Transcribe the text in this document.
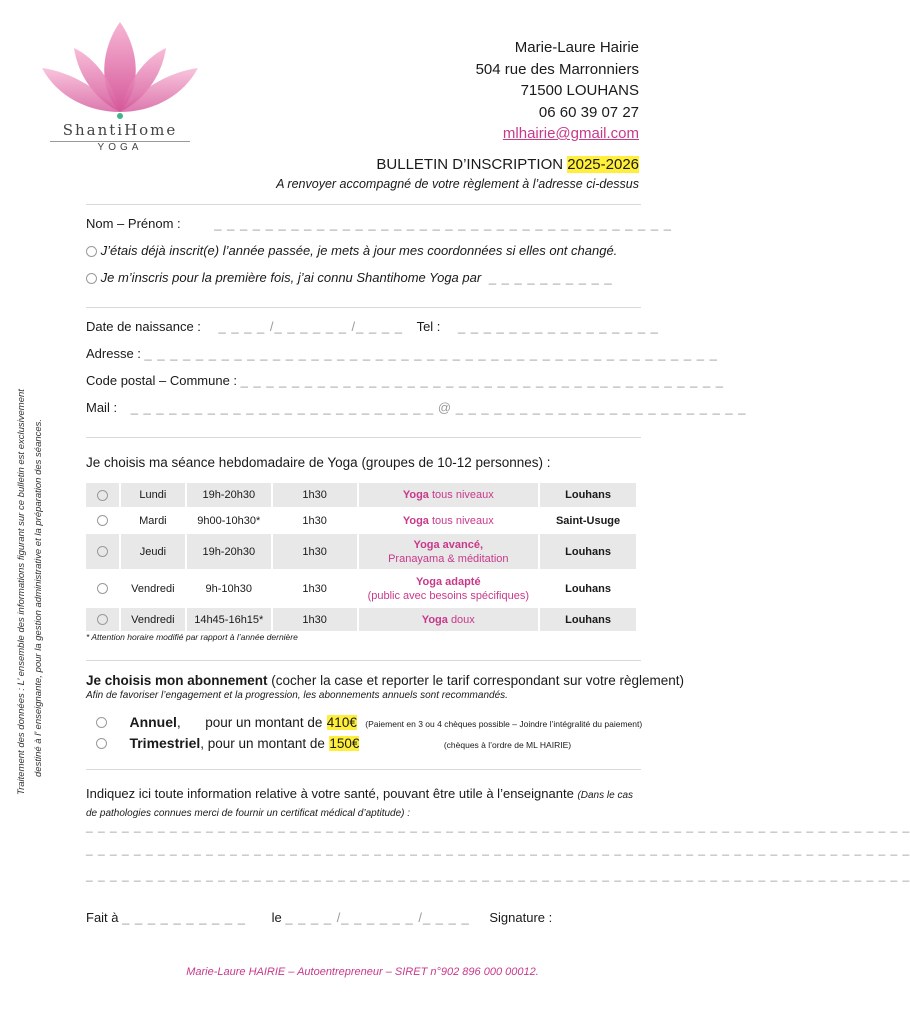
ShantiHome
YOGA
Marie-Laure Hairie
504 rue des Marronniers
71500 LOUHANS
06 60 39 07 27
mlhairie@gmail.com
BULLETIN D’INSCRIPTION 2025-2026
A renvoyer accompagné de votre règlement à l’adresse ci-dessus
Nom – Prénom :	_ _ _ _ _ _ _ _ _ _ _ _ _ _ _ _ _ _ _ _ _ _ _ _ _ _ _ _ _ _ _ _ _ _ _ _
J’étais déjà inscrit(e) l’année passée, je mets à jour mes coordonnées si elles ont changé.
Je m’inscris pour la première fois, j’ai connu Shantihome Yoga par _ _ _ _ _ _ _ _ _ _
Date de naissance : _ _ _ _ /_ _ _ _ _ _ /_ _ _ _ Tel : _ _ _ _ _ _ _ _ _ _ _ _ _ _ _ _
Adresse : _ _ _ _ _ _ _ _ _ _ _ _ _ _ _ _ _ _ _ _ _ _ _ _ _ _ _ _ _ _ _ _ _ _ _ _ _ _ _ _ _ _ _ _ _
Code postal – Commune : _ _ _ _ _ _ _ _ _ _ _ _ _ _ _ _ _ _ _ _ _ _ _ _ _ _ _ _ _ _ _ _ _ _ _ _ _ _
Mail : _ _ _ _ _ _ _ _ _ _ _ _ _ _ _ _ _ _ _ _ _ _ _ _ @ _ _ _ _ _ _ _ _ _ _ _ _ _ _ _ _ _ _ _ _ _ _ _
Je choisis ma séance hebdomadaire de Yoga (groupes de 10-12 personnes) :
	Lundi	19h-20h30	1h30	Yoga tous niveaux	Louhans
	Mardi	9h00-10h30*	1h30	Yoga tous niveaux	Saint-Usuge
	Jeudi	19h-20h30	1h30	Yoga avancé,
Pranayama & méditation	Louhans
	Vendredi	9h-10h30	1h30	Yoga adapté
(public avec besoins spécifiques)	Louhans
	Vendredi	14h45-16h15*	1h30	Yoga doux	Louhans
* Attention horaire modifié par rapport à l’année dernière
Je choisis mon abonnement (cocher la case et reporter le tarif correspondant sur votre règlement)
Afin de favoriser l’engagement et la progression, les abonnements annuels sont recommandés.
Annuel, pour un montant de 410€ (Paiement en 3 ou 4 chèques possible – Joindre l’intégralité du paiement)
Trimestriel, pour un montant de 150€	(chèques à l’ordre de ML HAIRIE)
Indiquez ici toute information relative à votre santé, pouvant être utile à l’enseignante (Dans le cas de pathologies connues merci de fournir un certificat médical d’aptitude) :
_ _ _ _ _ _ _ _ _ _ _ _ _ _ _ _ _ _ _ _ _ _ _ _ _ _ _ _ _ _ _ _ _ _ _ _ _ _ _ _ _ _ _ _ _ _ _ _ _ _ _ _ _ _ _ _ _ _ _ _ _ _ _ _ _ _ _ _ _
_ _ _ _ _ _ _ _ _ _ _ _ _ _ _ _ _ _ _ _ _ _ _ _ _ _ _ _ _ _ _ _ _ _ _ _ _ _ _ _ _ _ _ _ _ _ _ _ _ _ _ _ _ _ _ _ _ _ _ _ _ _ _ _ _ _ _ _ _
_ _ _ _ _ _ _ _ _ _ _ _ _ _ _ _ _ _ _ _ _ _ _ _ _ _ _ _ _ _ _ _ _ _ _ _ _ _ _ _ _ _ _ _ _ _ _ _ _ _ _ _ _ _ _ _ _ _ _ _ _ _ _ _ _ _ _ _ _
Fait à _ _ _ _ _ _ _ _ _ _ le _ _ _ _ /_ _ _ _ _ _ /_ _ _ _ Signature :
Marie-Laure HAIRIE – Autoentrepreneur – SIRET n°902 896 000 00012.
Traitement des données : L’ ensemble des informations figurant sur ce bulletin est exclusivement destiné à l’ enseignante, pour la gestion administrative et la préparation des séances.
